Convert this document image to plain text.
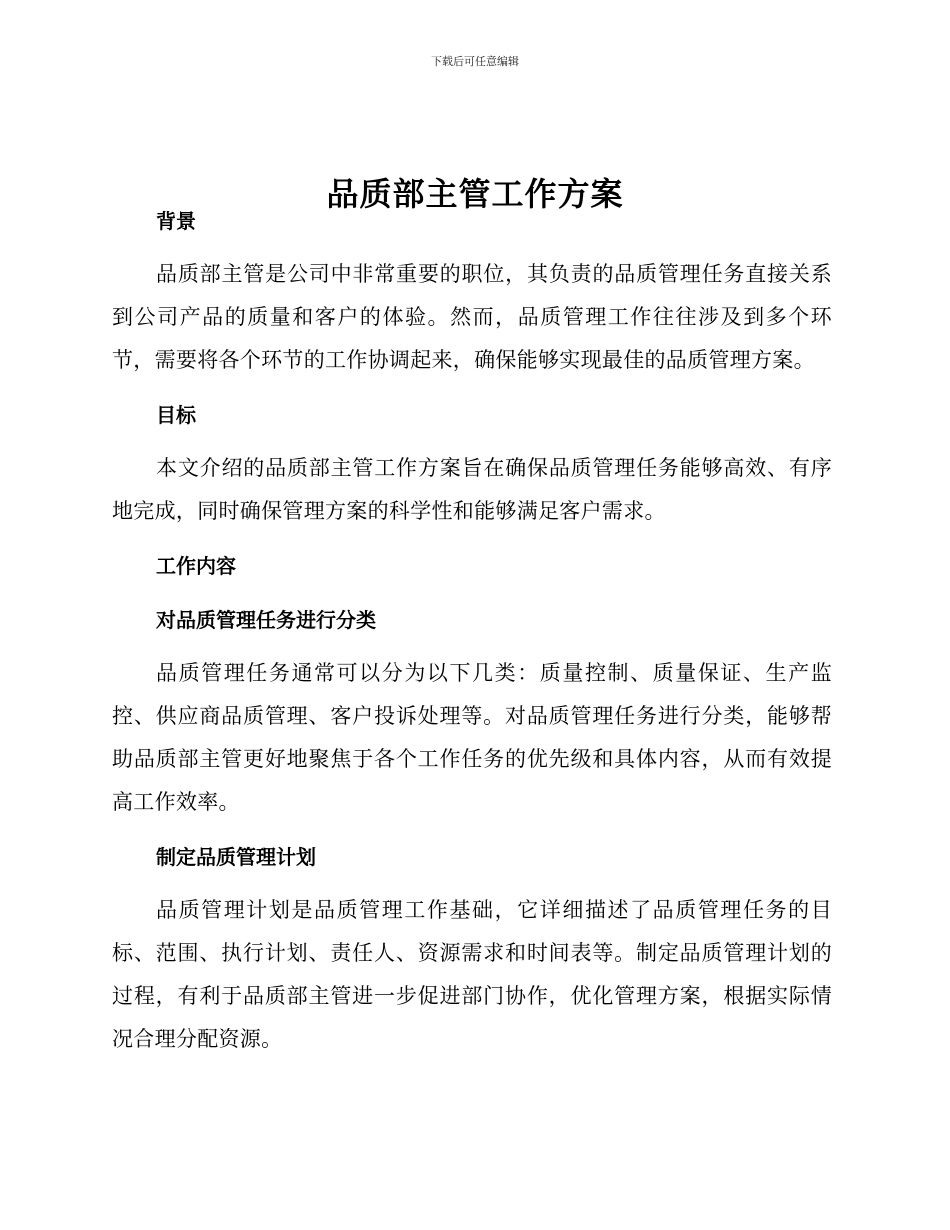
下载后可任意编辑
品质部主管工作方案
背景

品质部主管是公司中非常重要的职位，其负责的品质管理任务直接关系到公司产品的质量和客户的体验。然而，品质管理工作往往涉及到多个环节，需要将各个环节的工作协调起来，确保能够实现最佳的品质管理方案。

目标

本文介绍的品质部主管工作方案旨在确保品质管理任务能够高效、有序地完成，同时确保管理方案的科学性和能够满足客户需求。

工作内容
对品质管理任务进行分类

品质管理任务通常可以分为以下几类：质量控制、质量保证、生产监控、供应商品质管理、客户投诉处理等。对品质管理任务进行分类，能够帮助品质部主管更好地聚焦于各个工作任务的优先级和具体内容，从而有效提高工作效率。

制定品质管理计划

品质管理计划是品质管理工作基础，它详细描述了品质管理任务的目标、范围、执行计划、责任人、资源需求和时间表等。制定品质管理计划的过程，有利于品质部主管进一步促进部门协作，优化管理方案，根据实际情况合理分配资源。
